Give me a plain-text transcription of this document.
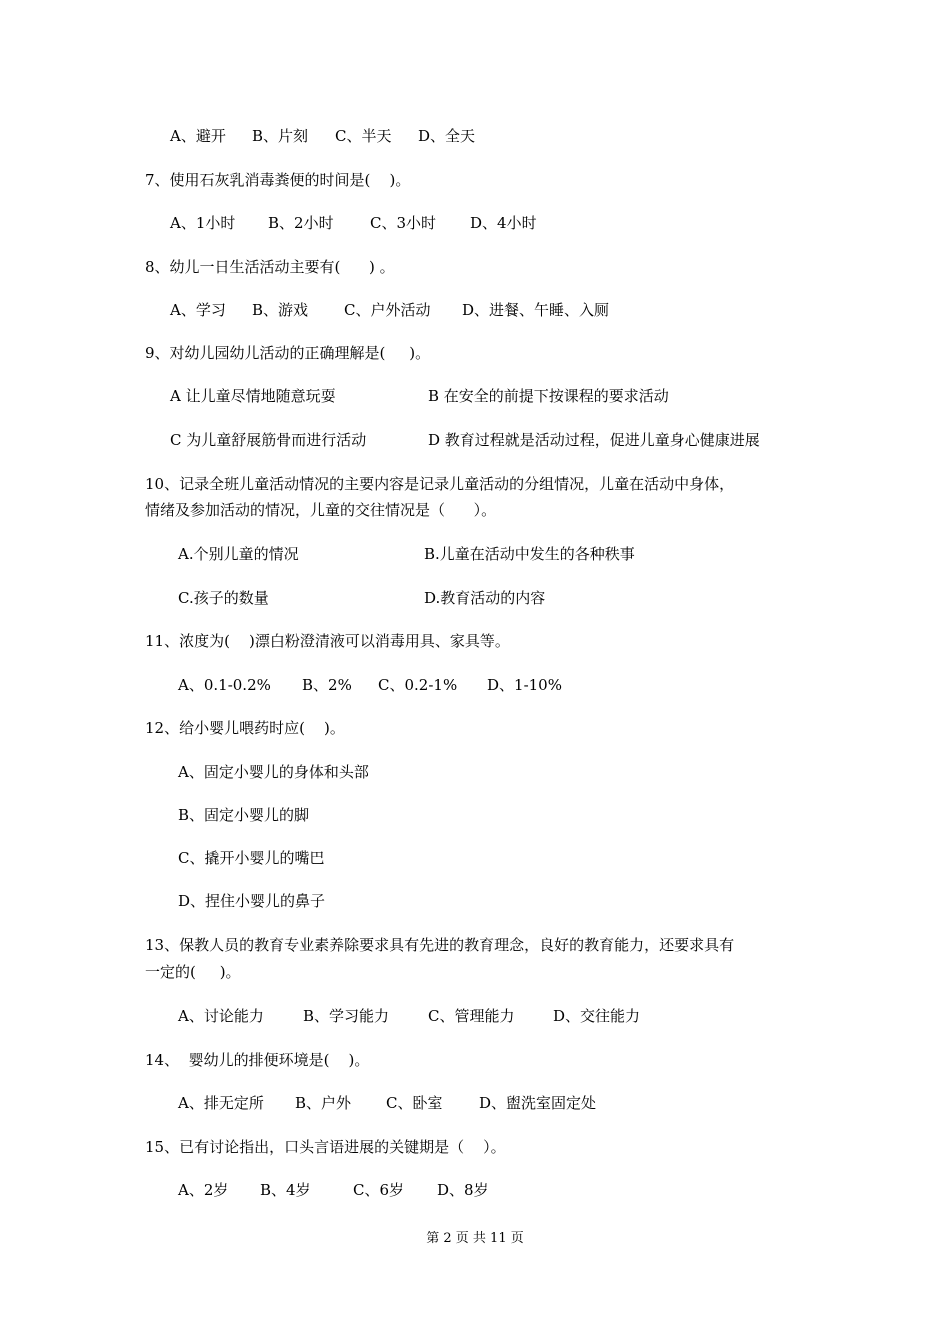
A、避开 B、片刻 C、半天 D、全天
7、使用石灰乳消毒粪便的时间是(    )。
A、1小时 B、2小时 C、3小时 D、4小时
8、幼儿一日生活活动主要有(      ) 。
A、学习 B、游戏 C、户外活动 D、进餐、午睡、入厕
9、对幼儿园幼儿活动的正确理解是(     )。
A 让儿童尽情地随意玩耍	B 在安全的前提下按课程的要求活动
C 为儿童舒展筋骨而进行活动	D 教育过程就是活动过程，促进儿童身心健康进展
10、记录全班儿童活动情况的主要内容是记录儿童活动的分组情况，儿童在活动中身体，
情绪及参加活动的情况，儿童的交往情况是（      ）。
A.个别儿童的情况	B.儿童在活动中发生的各种秩事
C.孩子的数量	D.教育活动的内容
11、浓度为(    )漂白粉澄清液可以消毒用具、家具等。
A、0.1-0.2% B、2% C、0.2-1% D、1-10%
12、给小婴儿喂药时应(    )。
A、固定小婴儿的身体和头部
B、固定小婴儿的脚
C、撬开小婴儿的嘴巴
D、捏住小婴儿的鼻子
13、保教人员的教育专业素养除要求具有先进的教育理念，良好的教育能力，还要求具有
一定的(     )。
A、讨论能力	B、学习能力	C、管理能力	D、交往能力
14、  婴幼儿的排便环境是(    )。
A、排无定所 B、户外 C、卧室 D、盥洗室固定处
15、已有讨论指出，口头言语进展的关键期是（    ）。
A、2岁 B、4岁	C、6岁 D、8岁
第 2 页 共 11 页
